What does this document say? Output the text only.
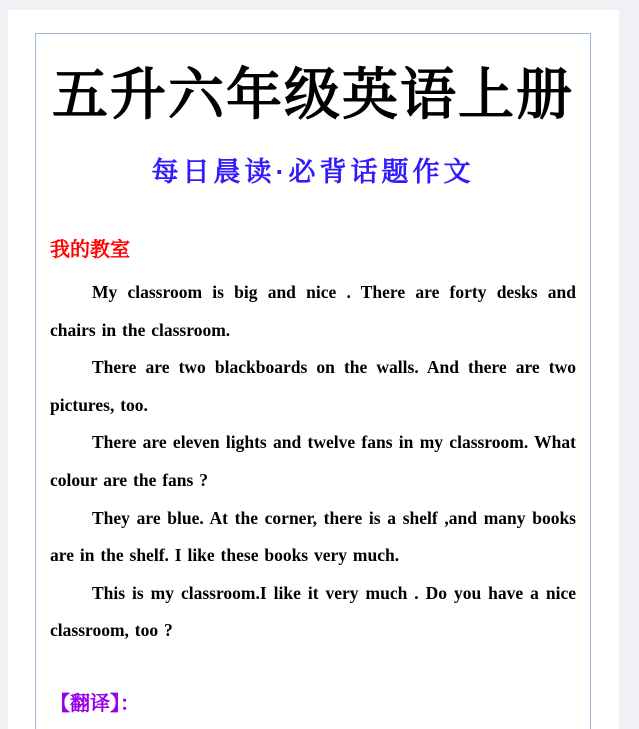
五升六年级英语上册
每日晨读·必背话题作文
我的教室

My classroom is big and nice . There are forty desks and chairs in the classroom.

There are two blackboards on the walls. And there are two pictures, too.

There are eleven lights and twelve fans in my classroom. What colour are the fans ?

They are blue. At the corner, there is a shelf ,and many books are in the shelf. I like these books very much.

This is my classroom.I like it very much . Do you have a nice classroom, too ?

【翻译】：
